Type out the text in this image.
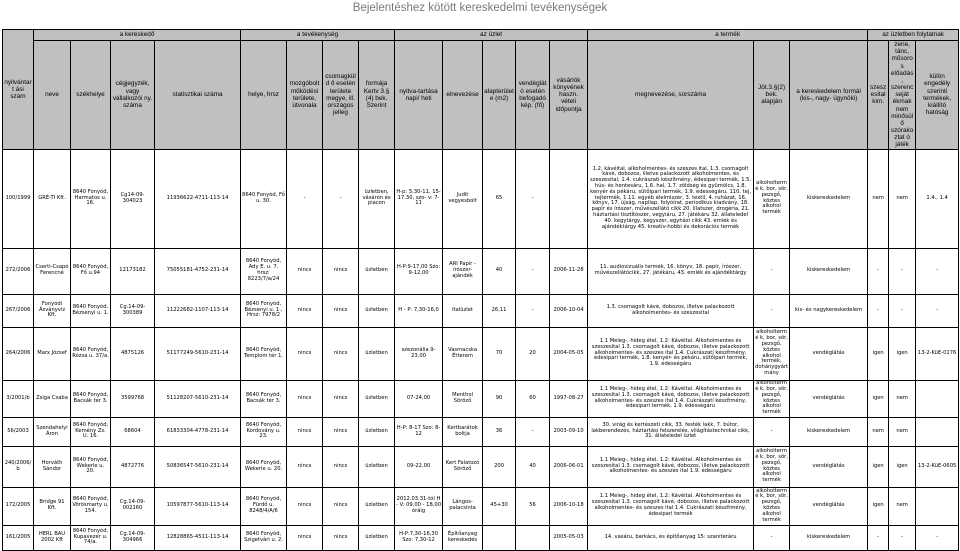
Bejelentéshez kötött kereskedelmi tevékenységek
nyilvántart ási szám	a kereskedő				a tevékenység				az üzlet					a termék			az üzletben folytatnak		
	neve	székhelye	cégjegyzék, vagy vállalkozói ny. száma	statisztikai száma	helye, hrsz	mozgóbolt működési területe, útvonala	csomagküld ő esetén területe megye, ill. országos jelleg	formája Kertv 3.§ (4) bek. Szerint	nyitva-tartása napi/ heti	elnevezése	alapterülete (m2)	vendéglátó esetén befogadó kép. (fő)	vásárlók könyvének haszn. vételi időpontja	megnevezése, sorszáma	Jöt.3.§(2) bek. alapján	a kereskedelem formái (kis-, nagy- ügynöki)	szeszesital kim.	zene, tánc, műsoros előadás, szerencseját ékmak nem minősülő szórakoztat ó játék	külön engedély szerinti termékek, kiállító hatóság

100/1999	GRÉ-TI Kft.	8640 Fonyód, Harmatos u. 16.	Cg14-09-304023	11936622-4711-113-14	8640 Fonyód, Fő u. 30.	-	-	üzletben, vásáron és piacon	H-p: 5.30-11, 15-17.30, szo- v: 7-11	Judit vegyesbolt	65	-		1.2. kávéital, alkoholmentes- és szeszes ital, 1.3. csomagolt kávé, dobozos, illetve palackozott alkoholmentes, és szeszesital, 1.4. cukrászati készítmény, édesipari termék, 1.5. hús- és hentesáru, 1.6. hal, 1.7. zöldség és gyümölcs, 1.8. kenyér és pékáru, sütőipari termék, 1.9. édességáru, 110. tej, tejtermék, 1.11. egyéb élelmiszer, 3. textil, 4. ruházat, 16. könyv, 17. újság, napilap, folyóirat, periodikus kiadvány, 18. papír és írószer, művészellátó cikk 20. illatszer, drogéria, 21. háztartási tisztítószer, vegyiáru, 27. játékáru 32. állateledel 40. kegytárgy, kegyszer, egyházi cikk 43. emlék és ajándéktárgy 45. kreatív-hobbi és dekorációs termék	alkoholtermé k, bor, sör, pezsgő, köztes alkohol termék	kiskereskedelem	nem	nem	1.4., 1.4
272/2006	Cserti-Csapó Ferencné	8640 Fonyód, Fő u.94	12173182	75055181-4752-231-14	8640 Fonyód, Ady E. u. 7. hrsz: 8223/7/a/24	nincs	nincs	üzletben	H-P:9-17,00 Szo: 9-12,00	ARI Papír - írószer-ajándék	40	-	2006-11-28	11. audiovizuális termék, 16. könyv, 18. papír, írószer, művészellátócikk, 27. játékáru, 43. emlék és ajándéktárgy	-	kiskereskedelem	-	-	-
267/2006	Fonyódi Ásványvíz Kft.	8640 Fonyód, Bézsenyi u. 1.	Cg.14-09-300389	11222682-1107-113-14	8640 Fonyód, Bézsenyi u. 1., Hrsz: 7978/2	nincs	nincs	üzletben	H - P: 7,30-16,0	Italüzlet	26,11	-	2006-10-04	1.3. csomagolt kávé, dobozos, illetve palackozott alkoholmentes- és szeszesital	-	kis- és nagykereskedelem	-	-	-
264/2006	Marx József	8640 Fonyód, Rózsa u. 37/a.	4875126	51177249-5610-231-14	8640 Fonyód, Templom tér 1.	nincs	nincs	üzletben	szezonália 9-23,00	Vasmacska Étterem	70	20	2004-05-05	1.1 Meleg-, hideg étel, 1.2: Kávéital. Alkoholmentes és szeszesital 1.3. csomagolt kávé, dobozos, illetve palackozott alkoholmentes- és szeszes ital 1.4. Cukrászati készítmény, édesipari termék, 1.8. kenyér- és pékáru, sütőipari termék, 1.9. édességáru	alkoholtermé k, bor, sör, pezsgő, köztes alkohol termék, dohánygyárt mány	vendéglátás	igen	igen	13-2-KüE-0176
3/2001/b	Zsiga Csaba	8640 Fonyód, Bacsák tér 3.	3599768	51128207-5610-231-14	8640 Fonyód, Bacsák tér 3.	nincs	nincs	üzletben	07-24,00	Menthol Söröző	90	60	1997-08-27	1.1 Meleg-, hideg étel, 1.2: Kávéital. Alkoholmentes és szeszesital 1.3. csomagolt kávé, dobozos, illetve palackozott alkoholmentes- és szeszes ital 1.4. Cukrászati készítmény, édesipari termék, 1.9. édességáru	alkoholtermé k, bor, sör, pezsgő, köztes alkohol termék	vendéglátás	igen	nem	
56/2003	Szendahelyi Áron	8640 Fonyód, Kemény Zs. U. 16.	68604	61833304-4778-231-14	8640 Fonyód, Kordovány u. 23.	nincs	nincs	üzletben	H-P: 8-17 Szo: 8-12	Kertbarátok boltja	36	-	2003-09-10	30. virág és kertészeti cikk, 33. festék lakk, 7. bútor, lakberendezés, háztartási felszerelés, világítástechnikai cikk, 31. állateledel üzlet	-	kiskereskedelem	nem	nem	
240/2006/ b	Horváth Sándor	8640 Fonyód, Wekerle u. 20.	4872776	50836547-5610-231-14	8640 Fonyód, Wekerle u. 20.	nincs	nincs	üzletben	09-22,00	Kert Falatozó Söröző	200	40	2006-06-01	1.1 Meleg-, hideg étel, 1.2: Kávéital. Alkoholmentes és szeszesital 1.3. csomagolt kávé, dobozos, illetve palackozott alkoholmentes- és szeszes ital 1.9. édességáru	alkoholtermé k, bor, sör, pezsgő, köztes alkohol termék	vendéglátás	igen	igen	13-2-KüE-0605
172/2005	Bridge 91 Kft.	8640 Fonyód, Vörösmarty u. 154.	Cg.14-09-002160	10597877-5610-113-14	8640 Fonyód, Fürdő u. 8248/4/A/6	nincs	nincs	üzletben	2012.03.31-tól H - V: 09,00 - 18,00 óráig	Lángos-palacsinta	45+30	56	2006-10-18	1.1 Meleg-, hideg étel, 1.2: Kávéital. Alkoholmentes és szeszesital 1.3. csomagolt kávé, dobozos, illetve palackozott alkoholmentes- és szeszes ital 1.4. Cukrászati készítmény, édesipari termék	alkoholtermé k, bor, sör, pezsgő, köztes alkohol termék	vendéglátás	igen	nem	
161/2005	HERL BAU 2002 Kft	8640 Fonyód, Kupavezér u. 74/a.	Cg.14-09-304966	12828865-4511-113-14	8640 Fonyód, Szigetvári u. 2.	nincs	nincs	üzletben	H-P:7,30-16,30 Szo: 7,30-12	Építőanyag kereskedés			2005-05-03	14. vasáru, barkács, és építőanyag 15: szaniteráru	-	kiskereskedelem	-	-	-
